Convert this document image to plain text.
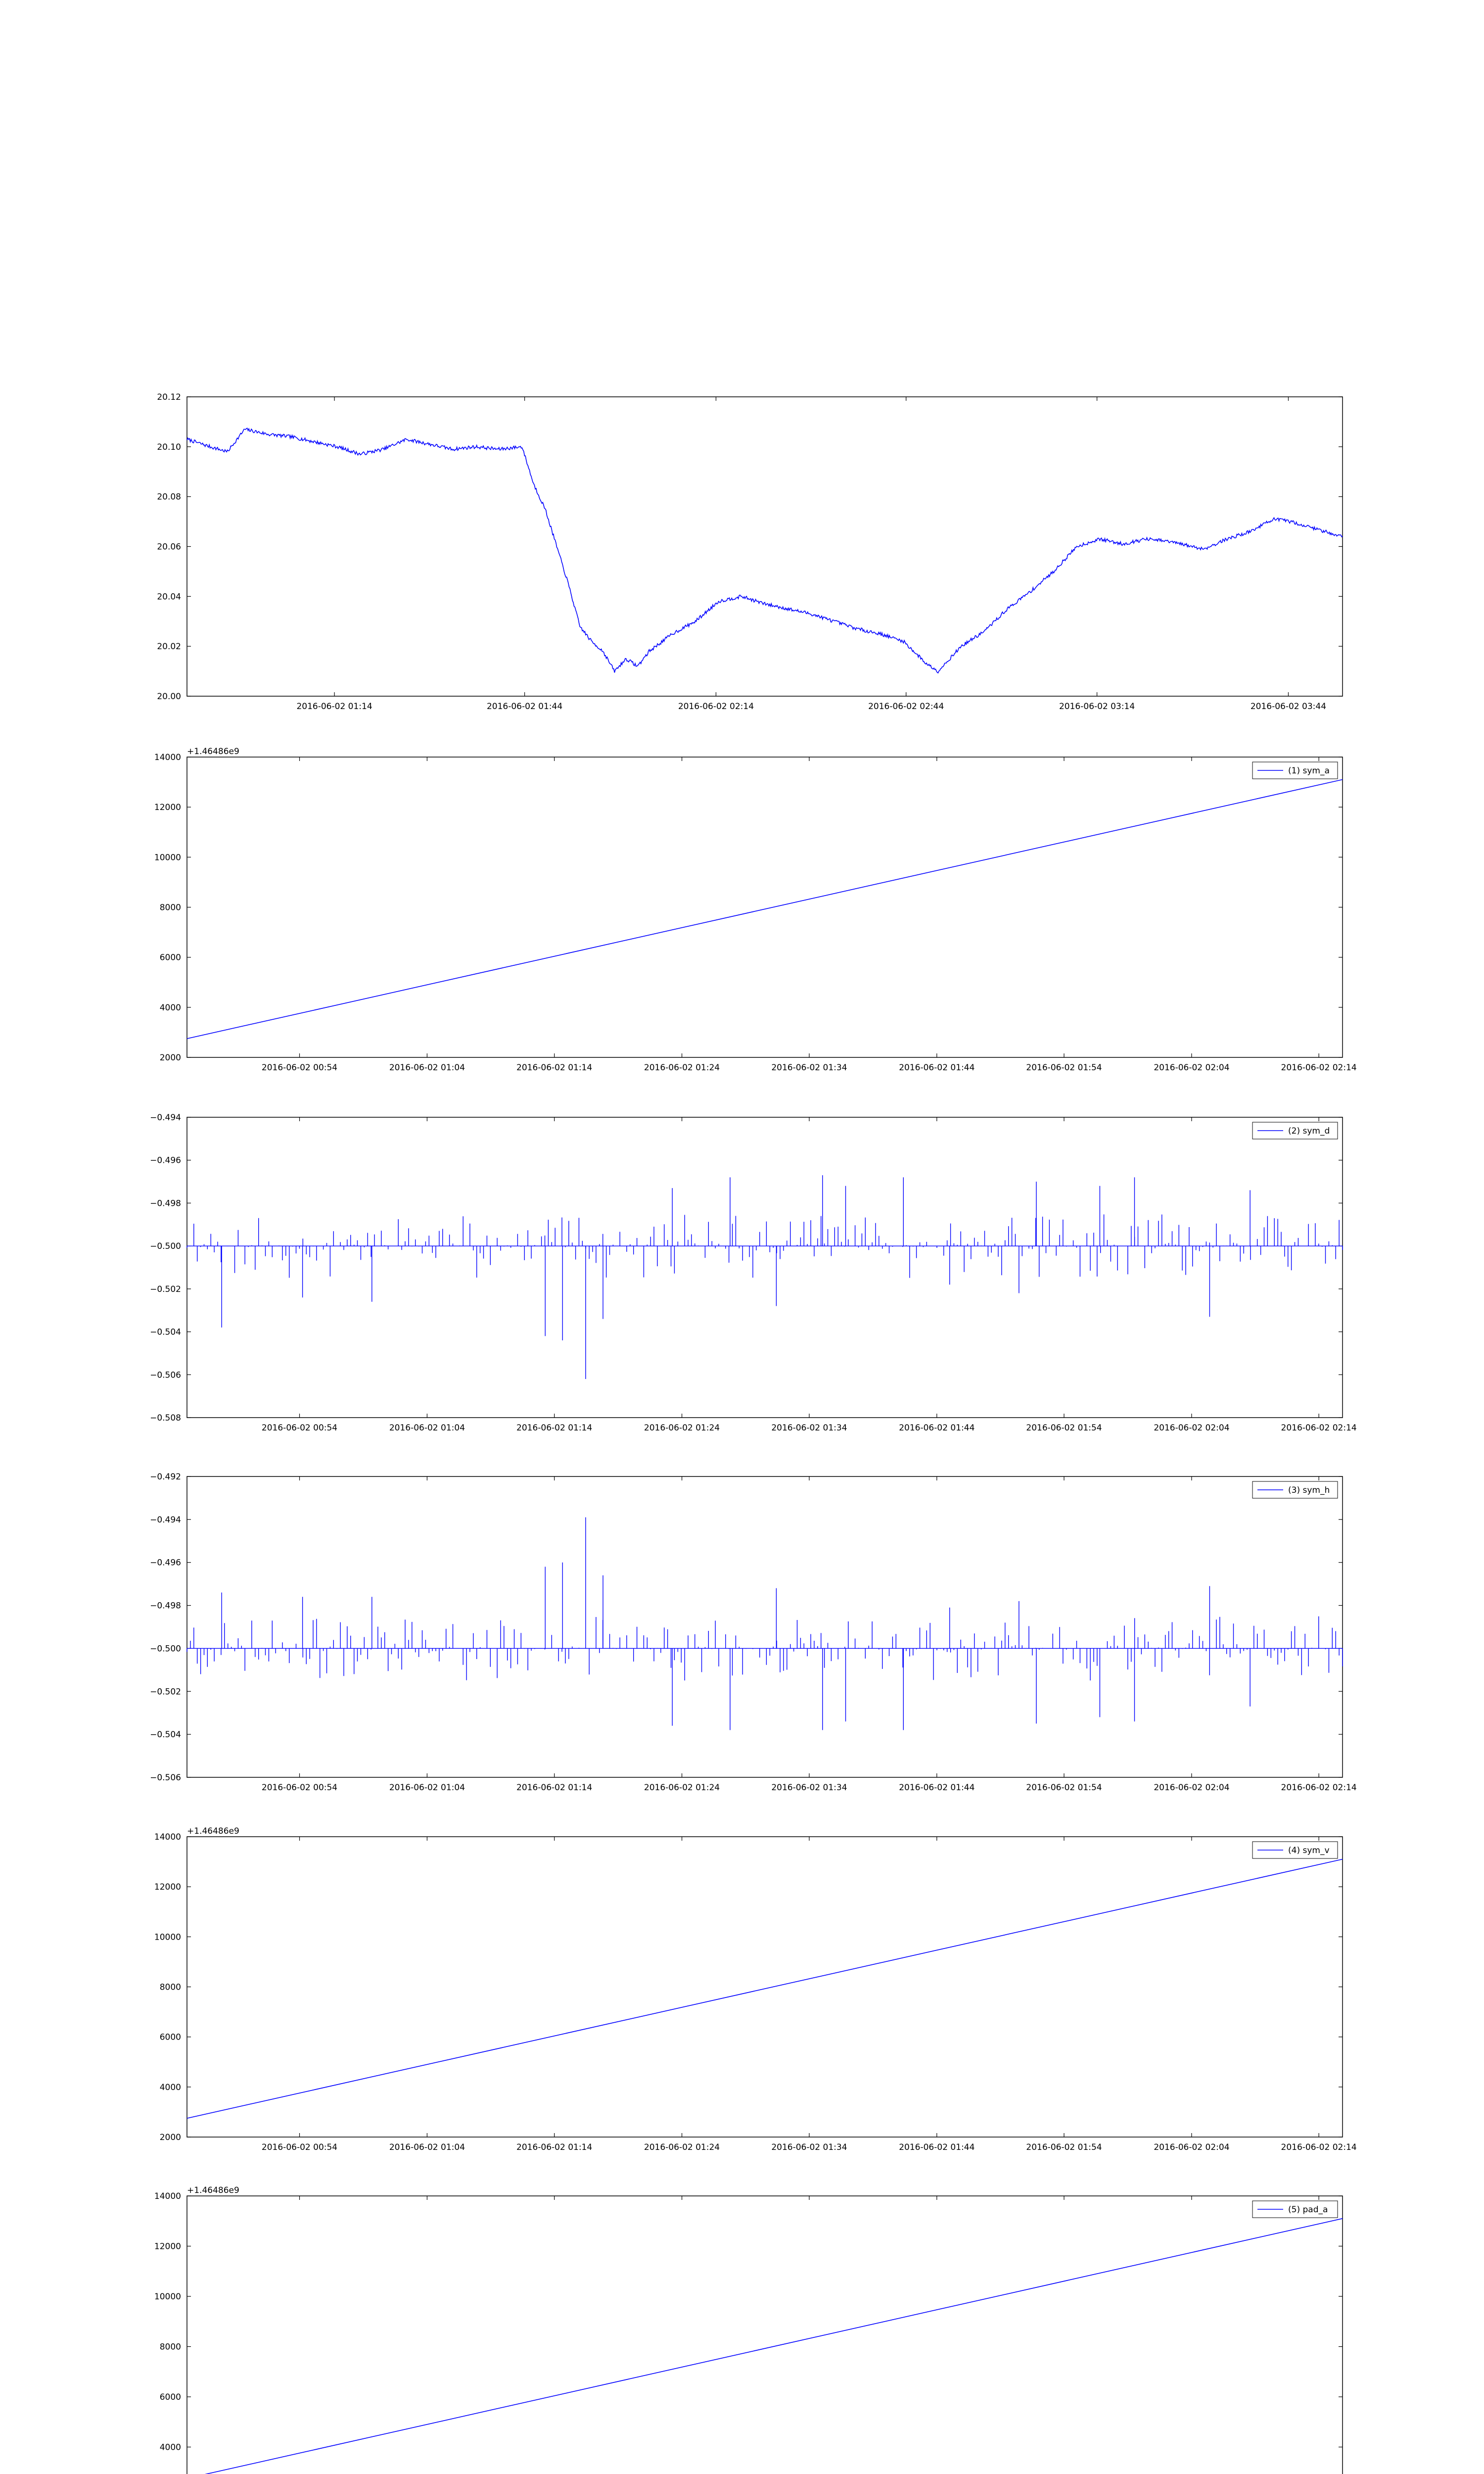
20.00
20.02
20.04
20.06
20.08
20.10
20.12
2016-06-02 01:14	2016-06-02 01:44	2016-06-02 02:14	2016-06-02 02:44	2016-06-02 03:14	2016-06-02 03:44
2000
4000
6000
8000
10000
12000
14000
2016-06-02 00:54	2016-06-02 01:04	2016-06-02 01:14	2016-06-02 01:24	2016-06-02 01:34	2016-06-02 01:44	2016-06-02 01:54	2016-06-02 02:04	2016-06-02 02:14
+1.46486e9
(1) sym_a
−0.508
−0.506
−0.504
−0.502
−0.500
−0.498
−0.496
−0.494
2016-06-02 00:54	2016-06-02 01:04	2016-06-02 01:14	2016-06-02 01:24	2016-06-02 01:34	2016-06-02 01:44	2016-06-02 01:54	2016-06-02 02:04	2016-06-02 02:14
(2) sym_d
−0.506
−0.504
−0.502
−0.500
−0.498
−0.496
−0.494
−0.492
2016-06-02 00:54	2016-06-02 01:04	2016-06-02 01:14	2016-06-02 01:24	2016-06-02 01:34	2016-06-02 01:44	2016-06-02 01:54	2016-06-02 02:04	2016-06-02 02:14
(3) sym_h
2000
4000
6000
8000
10000
12000
14000
2016-06-02 00:54	2016-06-02 01:04	2016-06-02 01:14	2016-06-02 01:24	2016-06-02 01:34	2016-06-02 01:44	2016-06-02 01:54	2016-06-02 02:04	2016-06-02 02:14
+1.46486e9
(4) sym_v
4000
6000
8000
10000
12000
14000
+1.46486e9
(5) pad_a
